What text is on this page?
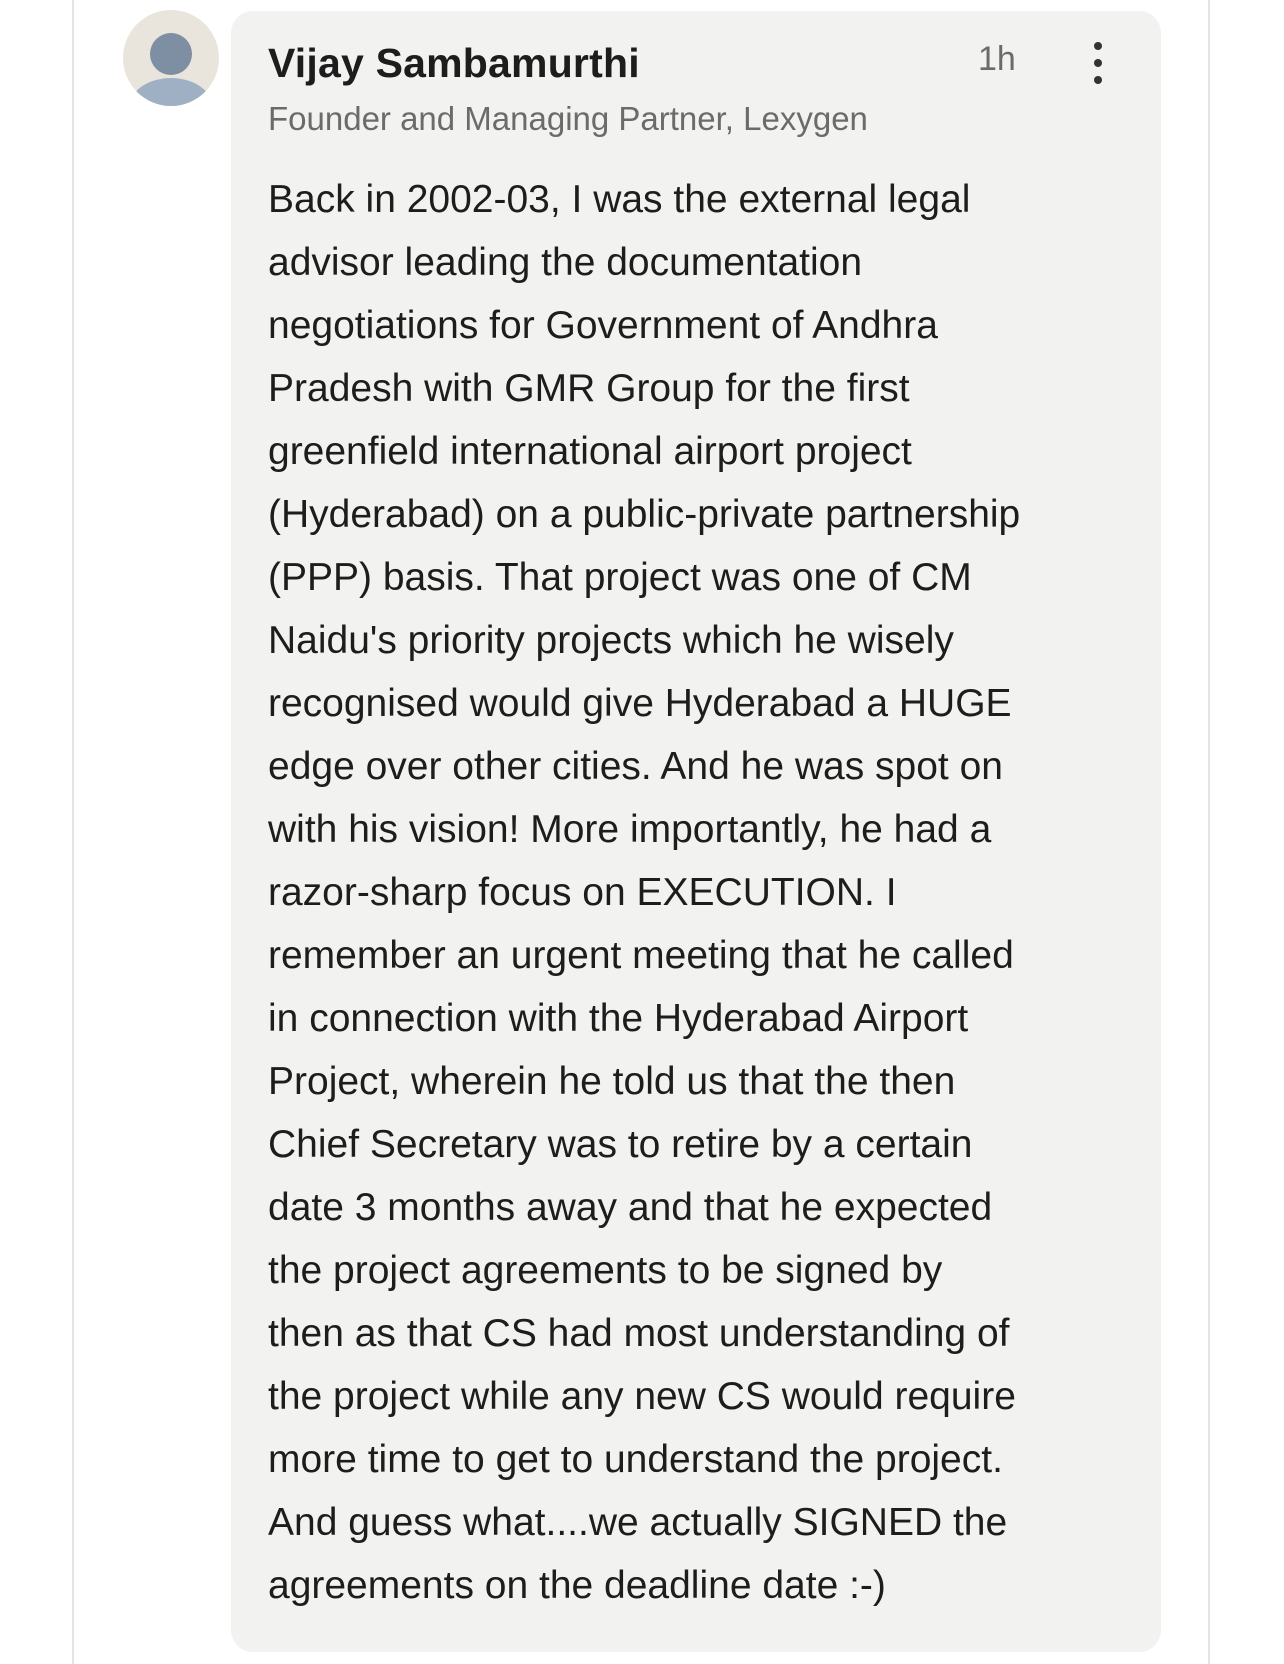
Vijay Sambamurthi
Founder and Managing Partner, Lexygen
1h
Back in 2002-03, I was the external legal
advisor leading the documentation
negotiations for Government of Andhra
Pradesh with GMR Group for the first
greenfield international airport project
(Hyderabad) on a public-private partnership
(PPP) basis. That project was one of CM
Naidu's priority projects which he wisely
recognised would give Hyderabad a HUGE
edge over other cities. And he was spot on
with his vision! More importantly, he had a
razor-sharp focus on EXECUTION. I
remember an urgent meeting that he called
in connection with the Hyderabad Airport
Project, wherein he told us that the then
Chief Secretary was to retire by a certain
date 3 months away and that he expected
the project agreements to be signed by
then as that CS had most understanding of
the project while any new CS would require
more time to get to understand the project.
And guess what....we actually SIGNED the
agreements on the deadline date :-)
